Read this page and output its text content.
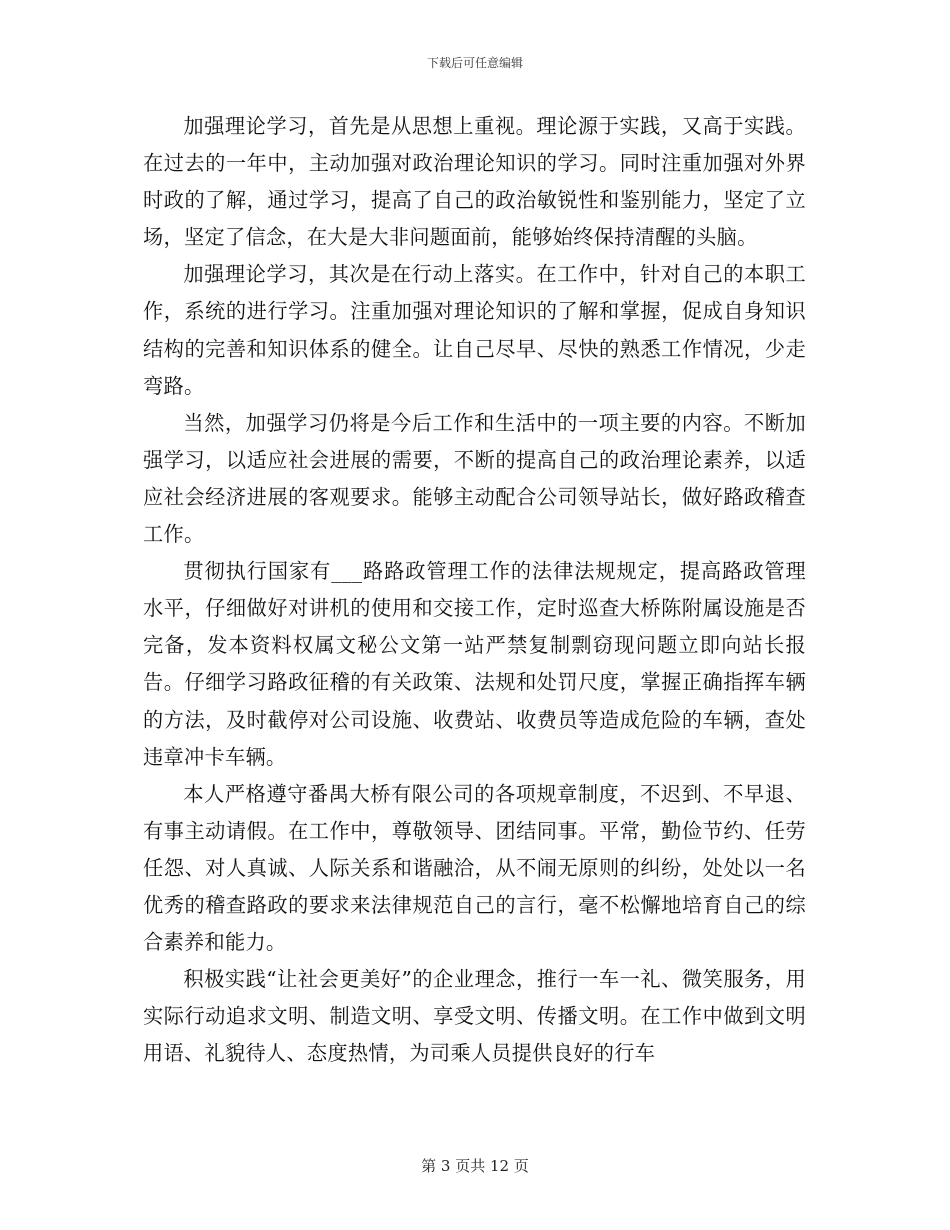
下载后可任意编辑

加强理论学习，首先是从思想上重视。理论源于实践，又高于实践。在过去的一年中，主动加强对政治理论知识的学习。同时注重加强对外界时政的了解，通过学习，提高了自己的政治敏锐性和鉴别能力，坚定了立场，坚定了信念，在大是大非问题面前，能够始终保持清醒的头脑。

加强理论学习，其次是在行动上落实。在工作中，针对自己的本职工作，系统的进行学习。注重加强对理论知识的了解和掌握，促成自身知识结构的完善和知识体系的健全。让自己尽早、尽快的熟悉工作情况，少走弯路。

当然，加强学习仍将是今后工作和生活中的一项主要的内容。不断加强学习，以适应社会进展的需要，不断的提高自己的政治理论素养，以适应社会经济进展的客观要求。能够主动配合公司领导站长，做好路政稽查工作。

贯彻执行国家有___路路政管理工作的法律法规规定，提高路政管理水平，仔细做好对讲机的使用和交接工作，定时巡查大桥陈附属设施是否完备，发本资料权属文秘公文第一站严禁复制剽窃现问题立即向站长报告。仔细学习路政征稽的有关政策、法规和处罚尺度，掌握正确指挥车辆的方法，及时截停对公司设施、收费站、收费员等造成危险的车辆，查处违章冲卡车辆。

本人严格遵守番禺大桥有限公司的各项规章制度，不迟到、不早退、有事主动请假。在工作中，尊敬领导、团结同事。平常，勤俭节约、任劳任怨、对人真诚、人际关系和谐融洽，从不闹无原则的纠纷，处处以一名优秀的稽查路政的要求来法律规范自己的言行，毫不松懈地培育自己的综合素养和能力。

积极实践“让社会更美好”的企业理念，推行一车一礼、微笑服务，用实际行动追求文明、制造文明、享受文明、传播文明。在工作中做到文明用语、礼貌待人、态度热情，为司乘人员提供良好的行车

第 3 页共 12 页
